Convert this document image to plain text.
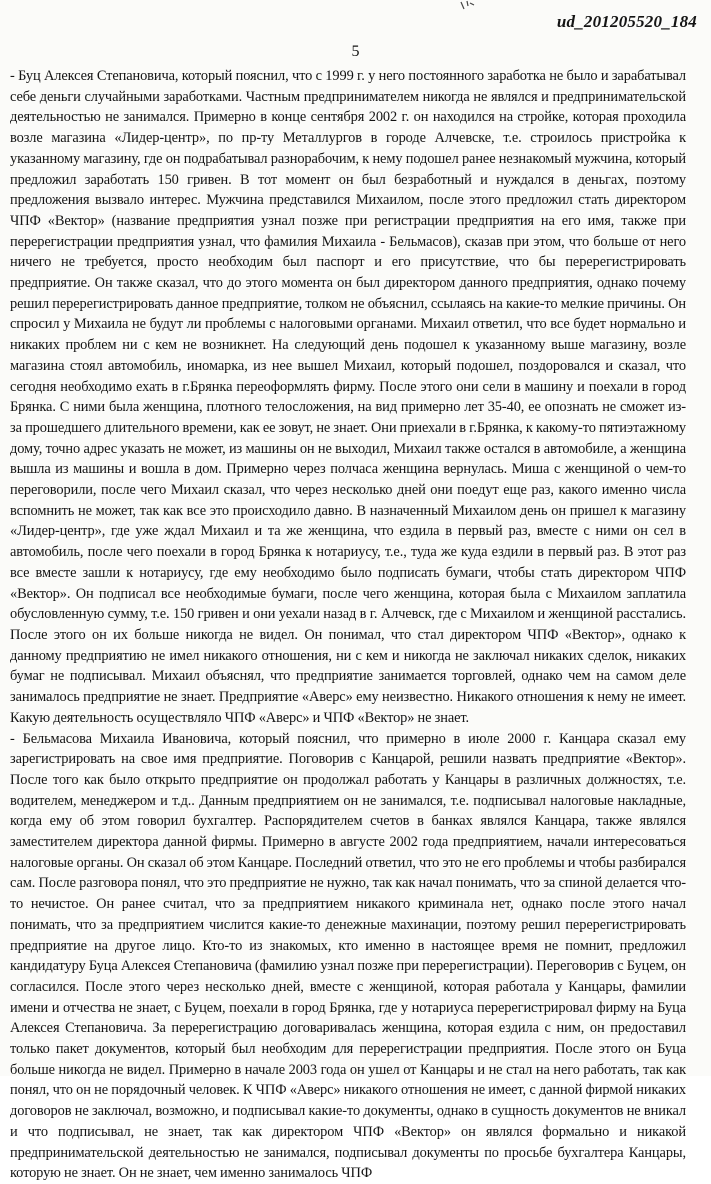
ud_201205520_184
5

- Буц Алексея Степановича, который пояснил, что с 1999 г. у него постоянного заработка не было и зарабатывал себе деньги случайными заработками. Частным предпринимателем никогда не являлся и предпринимательской деятельностью не занимался. Примерно в конце сентября 2002 г. он находился на стройке, которая проходила возле магазина «Лидер-центр», по пр-ту Металлургов в городе Алчевске, т.е. строилось пристройка к указанному магазину, где он подрабатывал разнорабочим, к нему подошел ранее незнакомый мужчина, который предложил заработать 150 гривен. В тот момент он был безработный и нуждался в деньгах, поэтому предложения вызвало интерес. Мужчина представился Михаилом, после этого предложил стать директором ЧПФ «Вектор» (название предприятия узнал позже при регистрации предприятия на его имя, также при перерегистрации предприятия узнал, что фамилия Михаила - Бельмасов), сказав при этом, что больше от него ничего не требуется, просто необходим был паспорт и его присутствие, что бы перерегистрировать предприятие. Он также сказал, что до этого момента он был директором данного предприятия, однако почему решил перерегистрировать данное предприятие, толком не объяснил, ссылаясь на какие-то мелкие причины. Он спросил у Михаила не будут ли проблемы с налоговыми органами. Михаил ответил, что все будет нормально и никаких проблем ни с кем не возникнет. На следующий день подошел к указанному выше магазину, возле магазина стоял автомобиль, иномарка, из нее вышел Михаил, который подошел, поздоровался и сказал, что сегодня необходимо ехать в г.Брянка переоформлять фирму. После этого они сели в машину и поехали в город Брянка. С ними была женщина, плотного телосложения, на вид примерно лет 35-40, ее опознать не сможет из-за прошедшего длительного времени, как ее зовут, не знает. Они приехали в г.Брянка, к какому-то пятиэтажному дому, точно адрес указать не может, из машины он не выходил, Михаил также остался в автомобиле, а женщина вышла из машины и вошла в дом. Примерно через полчаса женщина вернулась. Миша с женщиной о чем-то переговорили, после чего Михаил сказал, что через несколько дней они поедут еще раз, какого именно числа вспомнить не может, так как все это происходило давно. В назначенный Михаилом день он пришел к магазину «Лидер-центр», где уже ждал Михаил и та же женщина, что ездила в первый раз, вместе с ними он сел в автомобиль, после чего поехали в город Брянка к нотариусу, т.е., туда же куда ездили в первый раз. В этот раз все вместе зашли к нотариусу, где ему необходимо было подписать бумаги, чтобы стать директором ЧПФ «Вектор». Он подписал все необходимые бумаги, после чего женщина, которая была с Михаилом заплатила обусловленную сумму, т.е. 150 гривен и они уехали назад в г. Алчевск, где с Михаилом и женщиной расстались. После этого он их больше никогда не видел. Он понимал, что стал директором ЧПФ «Вектор», однако к данному предприятию не имел никакого отношения, ни с кем и никогда не заключал никаких сделок, никаких бумаг не подписывал. Михаил объяснял, что предприятие занимается торговлей, однако чем на самом деле занималось предприятие не знает. Предприятие «Аверс» ему неизвестно. Никакого отношения к нему не имеет. Какую деятельность осуществляло ЧПФ «Аверс» и ЧПФ «Вектор» не знает.

- Бельмасова Михаила Ивановича, который пояснил, что примерно в июле 2000 г. Канцара сказал ему зарегистрировать на свое имя предприятие. Поговорив с Канцарой, решили назвать предприятие «Вектор». После того как было открыто предприятие он продолжал работать у Канцары в различных должностях, т.е. водителем, менеджером и т.д.. Данным предприятием он не занимался, т.е. подписывал налоговые накладные, когда ему об этом говорил бухгалтер. Распорядителем счетов в банках являлся Канцара, также являлся заместителем директора данной фирмы. Примерно в августе 2002 года предприятием, начали интересоваться налоговые органы. Он сказал об этом Канцаре. Последний ответил, что это не его проблемы и чтобы разбирался сам. После разговора понял, что это предприятие не нужно, так как начал понимать, что за спиной делается что-то нечистое. Он ранее считал, что за предприятием никакого криминала нет, однако после этого начал понимать, что за предприятием числится какие-то денежные махинации, поэтому решил перерегистрировать предприятие на другое лицо. Кто-то из знакомых, кто именно в настоящее время не помнит, предложил кандидатуру Буца Алексея Степановича (фамилию узнал позже при перерегистрации). Переговорив с Буцем, он согласился. После этого через несколько дней, вместе с женщиной, которая работала у Канцары, фамилии имени и отчества не знает, с Буцем, поехали в город Брянка, где у нотариуса перерегистрировал фирму на Буца Алексея Степановича. За перерегистрацию договаривалась женщина, которая ездила с ним, он предоставил только пакет документов, который был необходим для перерегистрации предприятия. После этого он Буца больше никогда не видел. Примерно в начале 2003 года он ушел от Канцары и не стал на него работать, так как понял, что он не порядочный человек. К ЧПФ «Аверс» никакого отношения не имеет, с данной фирмой никаких договоров не заключал, возможно, и подписывал какие-то документы, однако в сущность документов не вникал и что подписывал, не знает, так как директором ЧПФ «Вектор» он являлся формально и никакой предпринимательской деятельностью не занимался, подписывал документы по просьбе бухгалтера Канцары, которую не знает. Он не знает, чем именно занималось ЧПФ
